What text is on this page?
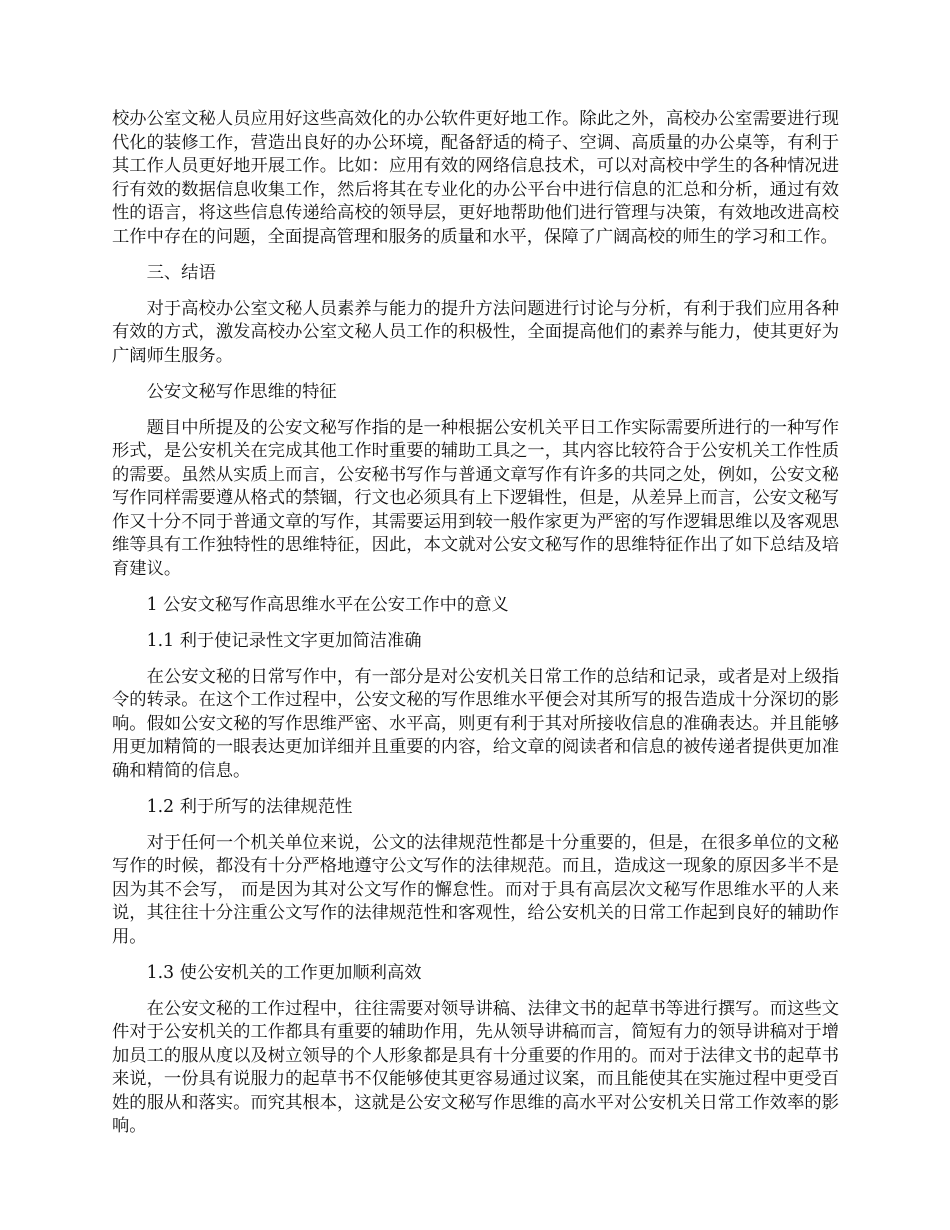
校办公室文秘人员应用好这些高效化的办公软件更好地工作。除此之外，高校办公室需要进行现代化的装修工作，营造出良好的办公环境，配备舒适的椅子、空调、高质量的办公桌等，有利于其工作人员更好地开展工作。比如：应用有效的网络信息技术，可以对高校中学生的各种情况进行有效的数据信息收集工作，然后将其在专业化的办公平台中进行信息的汇总和分析，通过有效性的语言，将这些信息传递给高校的领导层，更好地帮助他们进行管理与决策，有效地改进高校工作中存在的问题，全面提高管理和服务的质量和水平，保障了广阔高校的师生的学习和工作。

三、结语

对于高校办公室文秘人员素养与能力的提升方法问题进行讨论与分析，有利于我们应用各种有效的方式，激发高校办公室文秘人员工作的积极性，全面提高他们的素养与能力，使其更好为广阔师生服务。

公安文秘写作思维的特征

题目中所提及的公安文秘写作指的是一种根据公安机关平日工作实际需要所进行的一种写作形式，是公安机关在完成其他工作时重要的辅助工具之一，其内容比较符合于公安机关工作性质的需要。虽然从实质上而言，公安秘书写作与普通文章写作有许多的共同之处，例如，公安文秘写作同样需要遵从格式的禁锢，行文也必须具有上下逻辑性，但是，从差异上而言，公安文秘写作又十分不同于普通文章的写作，其需要运用到较一般作家更为严密的写作逻辑思维以及客观思维等具有工作独特性的思维特征，因此，本文就对公安文秘写作的思维特征作出了如下总结及培育建议。

1 公安文秘写作高思维水平在公安工作中的意义

1.1 利于使记录性文字更加简洁准确

在公安文秘的日常写作中，有一部分是对公安机关日常工作的总结和记录，或者是对上级指令的转录。在这个工作过程中，公安文秘的写作思维水平便会对其所写的报告造成十分深切的影响。假如公安文秘的写作思维严密、水平高，则更有利于其对所接收信息的准确表达。并且能够用更加精简的一眼表达更加详细并且重要的内容，给文章的阅读者和信息的被传递者提供更加准确和精简的信息。

1.2 利于所写的法律规范性

对于任何一个机关单位来说，公文的法律规范性都是十分重要的，但是，在很多单位的文秘写作的时候，都没有十分严格地遵守公文写作的法律规范。而且，造成这一现象的原因多半不是因为其不会写， 而是因为其对公文写作的懈怠性。而对于具有高层次文秘写作思维水平的人来说，其往往十分注重公文写作的法律规范性和客观性，给公安机关的日常工作起到良好的辅助作用。

1.3 使公安机关的工作更加顺利高效

在公安文秘的工作过程中，往往需要对领导讲稿、法律文书的起草书等进行撰写。而这些文件对于公安机关的工作都具有重要的辅助作用，先从领导讲稿而言，简短有力的领导讲稿对于增加员工的服从度以及树立领导的个人形象都是具有十分重要的作用的。而对于法律文书的起草书来说，一份具有说服力的起草书不仅能够使其更容易通过议案，而且能使其在实施过程中更受百姓的服从和落实。而究其根本，这就是公安文秘写作思维的高水平对公安机关日常工作效率的影响。
